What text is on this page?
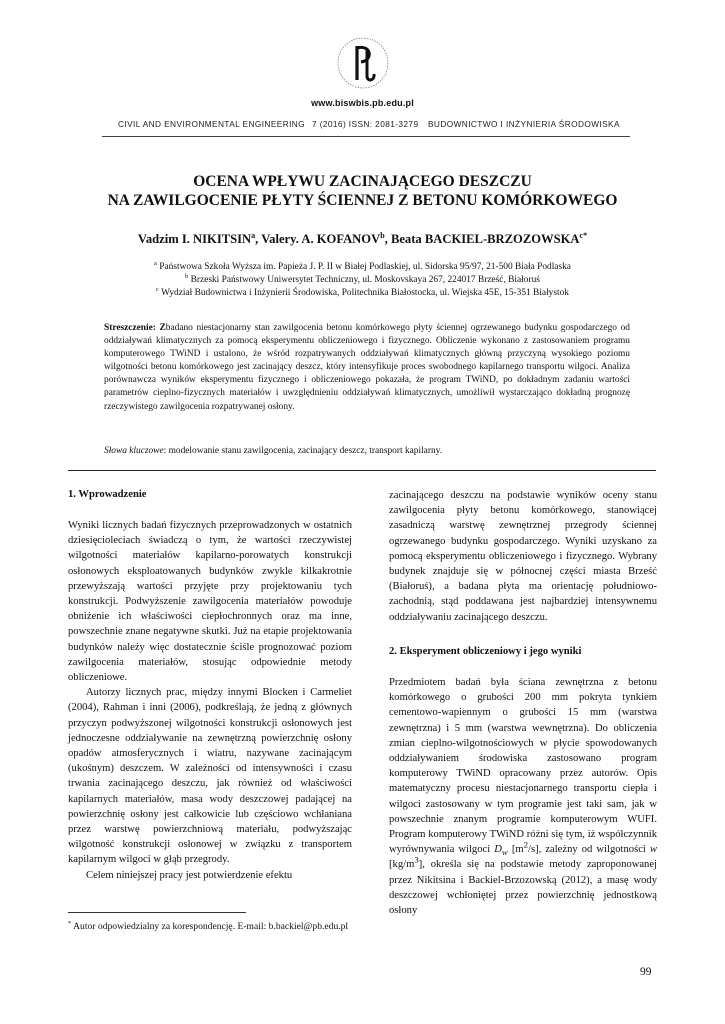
www.biswbis.pb.edu.pl
CIVIL AND ENVIRONMENTAL ENGINEERING 7 (2016) ISSN: 2081-3279 BUDOWNICTWO I INŻYNIERIA ŚRODOWISKA
OCENA WPŁYWU ZACINAJĄCEGO DESZCZU
NA ZAWILGOCENIE PŁYTY ŚCIENNEJ Z BETONU KOMÓRKOWEGO
Vadzim I. NIKITSIN$^a$, Valery. A. KOFANOV$^b$, Beata BACKIEL-$BRZOZOWSKA^{c*}$
$^a$ Państwowa Szkoła Wyższa im. Papieża J. P. II w Białej Podlaskiej, ul. Sidorska 95/97, 21-500 Biała Podlaska
$^b$ Brzeski Państwowy Uniwersytet Techniczny, ul. Moskovskaya 267, 224017 Brześć, Białoruś
$^c$ Wydział Budownictwa i Inżynierii Środowiska, Politechnika Białostocka, ul. Wiejska 45E, 15-351 Białystok
Streszczenie: Zbadano niestacjonarny stan zawilgocenia betonu komórkowego płyty ściennej ogrzewanego budynku gospodarczego od oddziaływań klimatycznych za pomocą eksperymentu obliczeniowego i fizycznego. Obliczenie wykonano z zastosowaniem programu komputerowego TWiND i ustalono, że wśród rozpatrywanych oddziaływań klimatycznych główną przyczyną wysokiego poziomu wilgotności betonu komórkowego jest zacinający deszcz, który intensyfikuje proces swobodnego kapilarnego transportu wilgoci. Analiza porównawcza wyników eksperymentu fizycznego i obliczeniowego pokazała, że program TWiND, po dokładnym zadaniu wartości parametrów cieplno-fizycznych materiałów i uwzględnieniu oddziaływań klimatycznych, umożliwił wystarczająco dokładną prognozę rzeczywistego zawilgocenia rozpatrywanej osłony.
Słowa kluczowe: modelowanie stanu zawilgocenia, zacinający deszcz, transport kapilarny.
1. Wprowadzenie

Wyniki licznych badań fizycznych przeprowadzonych w ostatnich dziesięcioleciach świadczą o tym, że wartości rzeczywistej wilgotności materiałów kapilarno-porowatych konstrukcji osłonowych eksploatowanych budynków zwykle kilkakrotnie przewyższają wartości przyjęte przy projektowaniu tych konstrukcji. Podwyższenie zawilgocenia materiałów powoduje obniżenie ich właściwości ciepłochronnych oraz ma inne, powszechnie znane negatywne skutki. Już na etapie projektowania budynków należy więc dostatecznie ściśle prognozować poziom zawilgocenia materiałów, stosując odpowiednie metody obliczeniowe.

Autorzy licznych prac, między innymi Blocken i Carmeliet (2004), Rahman i inni (2006), podkreślają, że jedną z głównych przyczyn podwyższonej wilgotności konstrukcji osłonowych jest jednoczesne oddziaływanie na zewnętrzną powierzchnię osłony opadów atmosferycznych i wiatru, nazywane zacinającym (ukośnym) deszczem. W zależności od intensywności i czasu trwania zacinającego deszczu, jak również od właściwości kapilarnych materiałów, masa wody deszczowej padającej na powierzchnię osłony jest całkowicie lub częściowo wchłaniana przez warstwę powierzchniową materiału, podwyższając wilgotność konstrukcji osłonowej w związku z transportem kapilarnym wilgoci w głąb przegrody.

Celem niniejszej pracy jest potwierdzenie efektu

zacinającego deszczu na podstawie wyników oceny stanu zawilgocenia płyty betonu komórkowego, stanowiącej zasadniczą warstwę zewnętrznej przegrody ściennej ogrzewanego budynku gospodarczego. Wyniki uzyskano za pomocą eksperymentu obliczeniowego i fizycznego. Wybrany budynek znajduje się w północnej części miasta Brześć (Białoruś), a badana płyta ma orientację południowo-zachodnią, stąd poddawana jest najbardziej intensywnemu oddziaływaniu zacinającego deszczu.

2. Eksperyment obliczeniowy i jego wyniki

Przedmiotem badań była ściana zewnętrzna z betonu komórkowego o grubości 200 mm pokryta tynkiem cementowo-wapiennym o grubości 15 mm (warstwa zewnętrzna) i 5 mm (warstwa wewnętrzna). Do obliczenia zmian cieplno-wilgotnościowych w płycie spowodowanych oddziaływaniem środowiska zastosowano program komputerowy TWiND opracowany przez autorów. Opis matematyczny procesu niestacjonarnego transportu ciepła i wilgoci zastosowany w tym programie jest taki sam, jak w powszechnie znanym programie komputerowym WUFI. Program komputerowy TWiND różni się tym, iż współczynnik wyrównywania wilgoci $D_w$ $[m^2/s]$, zależny od wilgotności w $[kg/m^3]$, określa się na podstawie metody zaproponowanej przez Nikitsina i Backiel-Brzozowską (2012), a masę wody deszczowej wchłoniętej przez powierzchnię jednostkową osłony

* Autor odpowiedzialny za korespondencję. E-mail: b.backiel@pb.edu.pl
99
